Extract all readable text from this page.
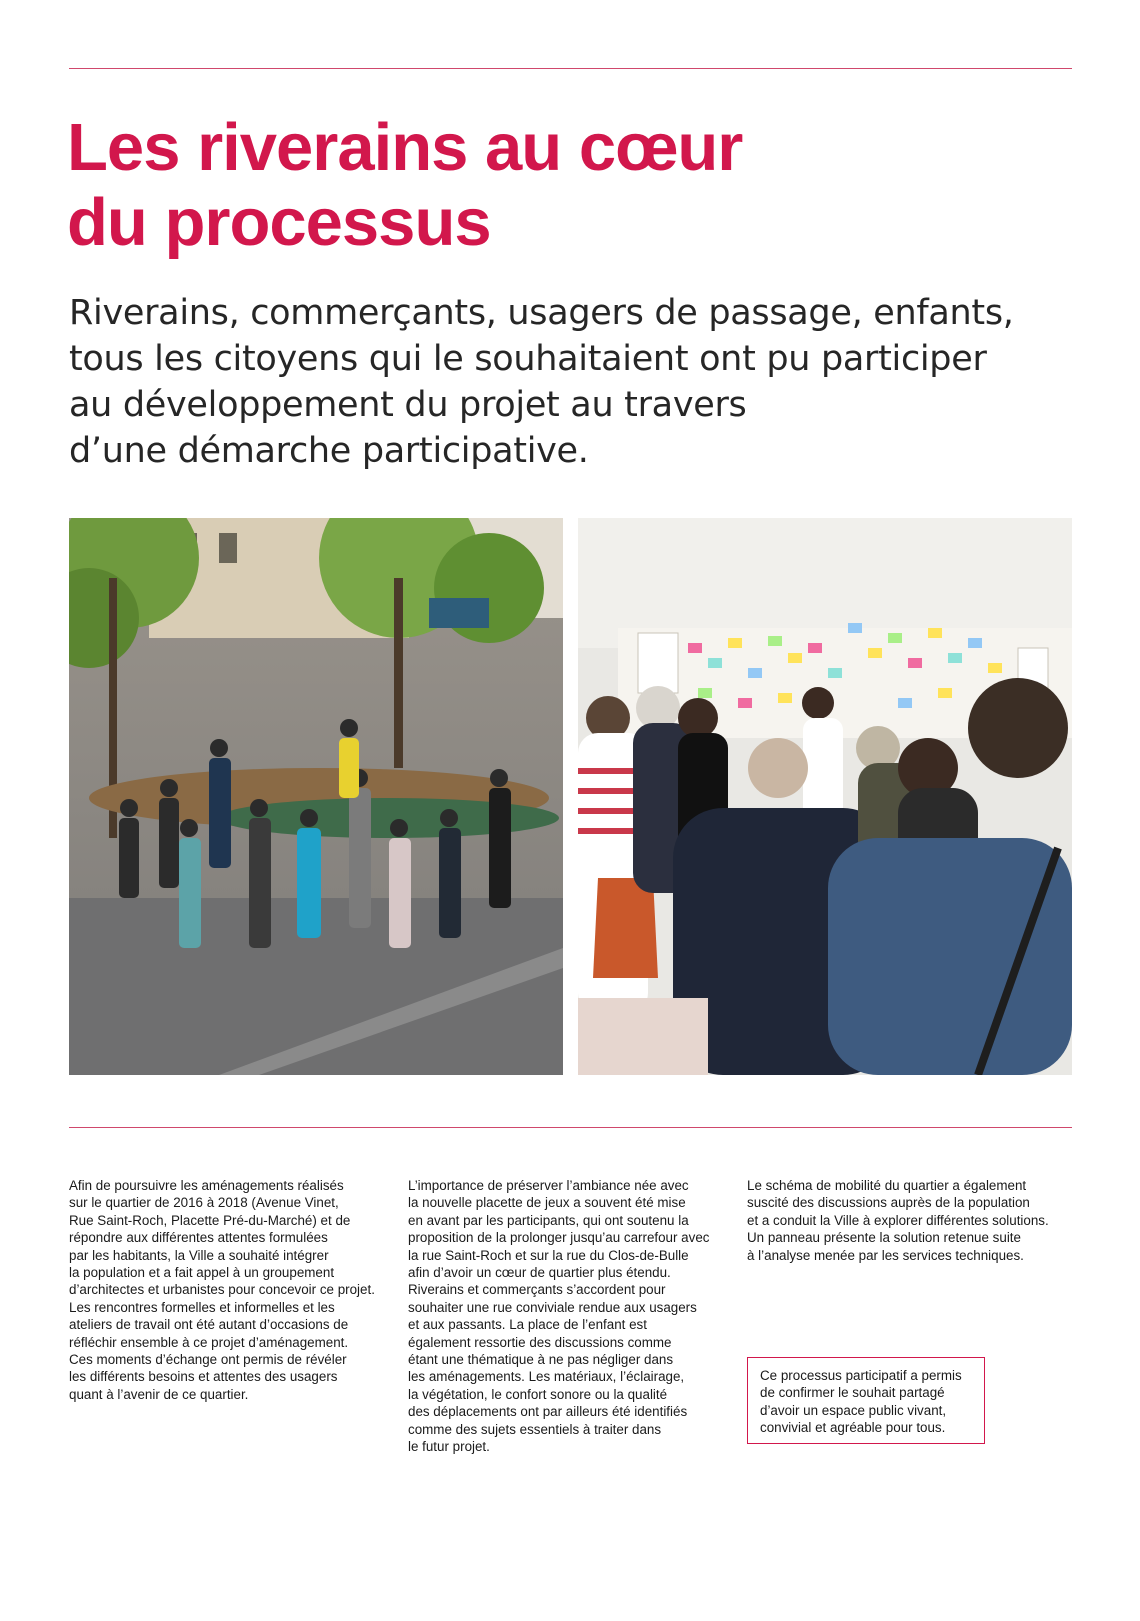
Les riverains au cœur
du processus

Riverains, commerçants, usagers de passage, enfants,
tous les citoyens qui le souhaitaient ont pu participer
au développement du projet au travers
d’une démarche participative.

Afin de poursuivre les aménagements réalisés
sur le quartier de 2016 à 2018 (Avenue Vinet,
Rue Saint-Roch, Placette Pré-du-Marché) et de
répondre aux différentes attentes formulées
par les habitants, la Ville a souhaité intégrer
la population et a fait appel à un groupement
d’architectes et urbanistes pour concevoir ce projet.
Les rencontres formelles et informelles et les
ateliers de travail ont été autant d’occasions de
réfléchir ensemble à ce projet d’aménagement.
Ces moments d’échange ont permis de révéler
les différents besoins et attentes des usagers
quant à l’avenir de ce quartier.
L’importance de préserver l’ambiance née avec
la nouvelle placette de jeux a souvent été mise
en avant par les participants, qui ont soutenu la
proposition de la prolonger jusqu’au carrefour avec
la rue Saint-Roch et sur la rue du Clos-de-Bulle
afin d’avoir un cœur de quartier plus étendu.
Riverains et commerçants s’accordent pour
souhaiter une rue conviviale rendue aux usagers
et aux passants. La place de l’enfant est
également ressortie des discussions comme
étant une thématique à ne pas négliger dans
les aménagements. Les matériaux, l’éclairage,
la végétation, le confort sonore ou la qualité
des déplacements ont par ailleurs été identifiés
comme des sujets essentiels à traiter dans
le futur projet.
Le schéma de mobilité du quartier a également
suscité des discussions auprès de la population
et a conduit la Ville à explorer différentes solutions.
Un panneau présente la solution retenue suite
à l’analyse menée par les services techniques.
Ce processus participatif a permis
de confirmer le souhait partagé
d’avoir un espace public vivant,
convivial et agréable pour tous.
